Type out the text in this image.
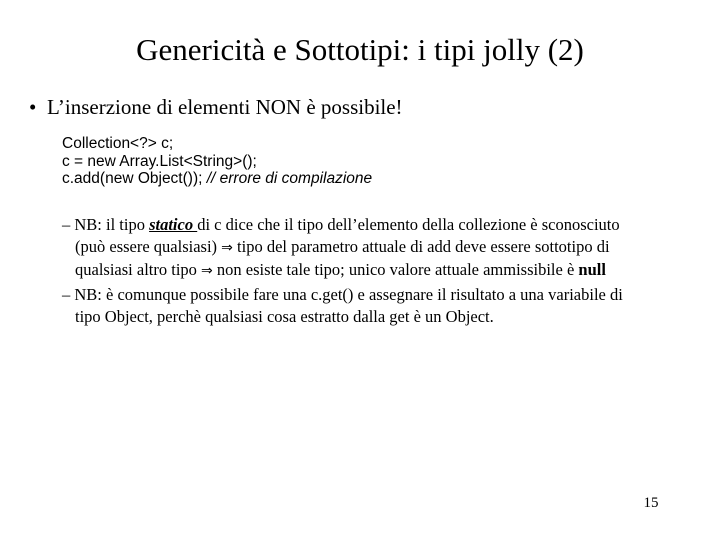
Genericità e Sottotipi: i tipi jolly (2)
• L’inserzione di elementi NON è possibile!
Collection<?> c;
c = new Array.List<String>();
c.add(new Object()); // errore di compilazione
– NB: il tipo statico di c dice che il tipo dell’elemento della collezione è sconosciuto
(può essere qualsiasi) ⇒ tipo del parametro attuale di add deve essere sottotipo di
qualsiasi altro tipo ⇒ non esiste tale tipo; unico valore attuale ammissibile è null
– NB: è comunque possibile fare una c.get() e assegnare il risultato a una variabile di
tipo Object, perchè qualsiasi cosa estratto dalla get è un Object.
15
